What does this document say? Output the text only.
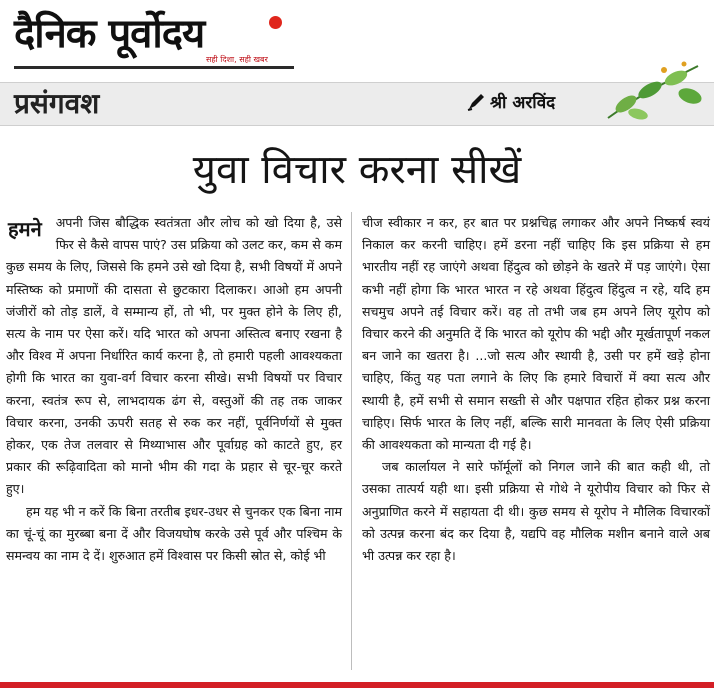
दैनिक पूर्वोदय
सही दिशा, सही खबर
प्रसंगवश	श्री अरविंद
युवा विचार करना सीखें

हमने अपनी जिस बौद्धिक स्वतंत्रता और लोच को खो दिया है, उसे फिर से कैसे वापस पाएं? उस प्रक्रिया को उलट कर, कम से कम कुछ समय के लिए, जिससे कि हमने उसे खो दिया है, सभी विषयों में अपने मस्तिष्क को प्रमाणों की दासता से छुटकारा दिलाकर। आओ हम अपनी जंजीरों को तोड़ डालें, वे सम्मान्य हों, तो भी, पर मुक्त होने के लिए ही, सत्य के नाम पर ऐसा करें। यदि भारत को अपना अस्तित्व बनाए रखना है और विश्व में अपना निर्धारित कार्य करना है, तो हमारी पहली आवश्यकता होगी कि भारत का युवा-वर्ग विचार करना सीखे। सभी विषयों पर विचार करना, स्वतंत्र रूप से, लाभदायक ढंग से, वस्तुओं की तह तक जाकर विचार करना, उनकी ऊपरी सतह से रुक कर नहीं, पूर्वनिर्णयों से मुक्त होकर, एक तेज तलवार से मिथ्याभास और पूर्वाग्रह को काटते हुए, हर प्रकार की रूढ़िवादिता को मानो भीम की गदा के प्रहार से चूर-चूर करते हुए।

हम यह भी न करें कि बिना तरतीब इधर-उधर से चुनकर एक बिना नाम का चूं-चूं का मुरब्बा बना दें और विजयघोष करके उसे पूर्व और पश्चिम के समन्वय का नाम दे दें। शुरुआत हमें विश्वास पर किसी स्रोत से, कोई भी

चीज स्वीकार न कर, हर बात पर प्रश्नचिह्न लगाकर और अपने निष्कर्ष स्वयं निकाल कर करनी चाहिए। हमें डरना नहीं चाहिए कि इस प्रक्रिया से हम भारतीय नहीं रह जाएंगे अथवा हिंदुत्व को छोड़ने के खतरे में पड़ जाएंगे। ऐसा कभी नहीं होगा कि भारत भारत न रहे अथवा हिंदुत्व हिंदुत्व न रहे, यदि हम सचमुच अपने तई विचार करें। वह तो तभी जब हम अपने लिए यूरोप को विचार करने की अनुमति दें कि भारत को यूरोप की भद्दी और मूर्खतापूर्ण नकल बन जाने का खतरा है। ...जो सत्य और स्थायी है, उसी पर हमें खड़े होना चाहिए, किंतु यह पता लगाने के लिए कि हमारे विचारों में क्या सत्य और स्थायी है, हमें सभी से समान सख्ती से और पक्षपात रहित होकर प्रश्न करना चाहिए। सिर्फ भारत के लिए नहीं, बल्कि सारी मानवता के लिए ऐसी प्रक्रिया की आवश्यकता को मान्यता दी गई है।

जब कार्लायल ने सारे फॉर्मूलों को निगल जाने की बात कही थी, तो उसका तात्पर्य यही था। इसी प्रक्रिया से गोथे ने यूरोपीय विचार को फिर से अनुप्राणित करने में सहायता दी थी। कुछ समय से यूरोप ने मौलिक विचारकों को उत्पन्न करना बंद कर दिया है, यद्यपि वह मौलिक मशीन बनाने वाले अब भी उत्पन्न कर रहा है।
